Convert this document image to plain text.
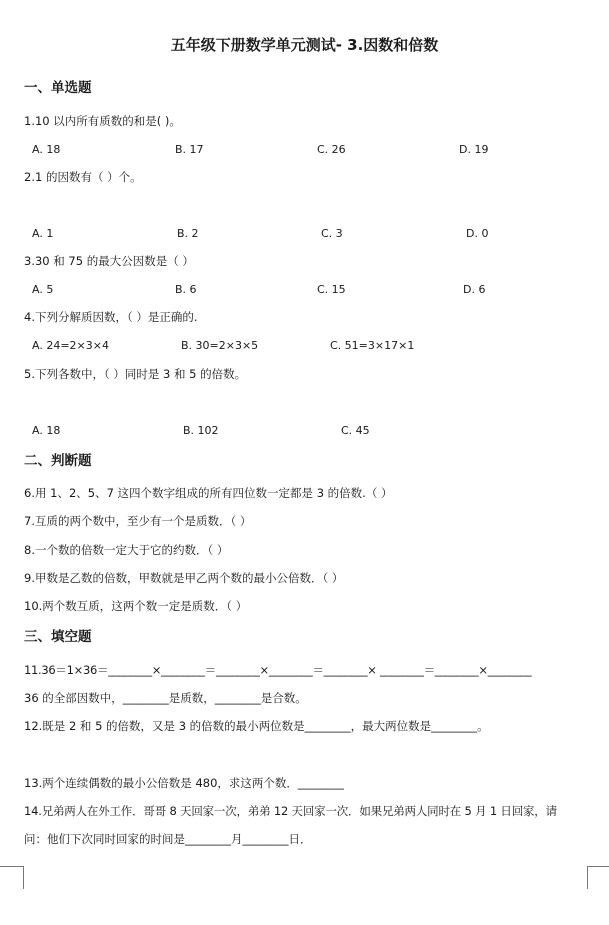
五年级下册数学单元测试- 3.因数和倍数
一、单选题
1.10 以内所有质数的和是( )。
A. 18	B. 17	C. 26	D. 19
2.1 的因数有（ ）个。
A. 1	B. 2	C. 3	D. 0
3.30 和 75 的最大公因数是（ ）
A. 5	B. 6	C. 15	D. 6
4.下列分解质因数，（ ）是正确的.
A. 24=2×3×4	B. 30=2×3×5	C. 51=3×17×1
5.下列各数中，（ ）同时是 3 和 5 的倍数。
A. 18	B. 102	C. 45
二、判断题
6.用 1、2、5、7 这四个数字组成的所有四位数一定都是 3 的倍数.（ ）
7.互质的两个数中，至少有一个是质数．（ ）
8.一个数的倍数一定大于它的约数．（ ）
9.甲数是乙数的倍数，甲数就是甲乙两个数的最小公倍数．（ ）
10.两个数互质，这两个数一定是质数．（ ）
三、填空题
11.36＝1×36＝________×________＝________×________＝________× ________＝________×________
36 的全部因数中，________是质数，________是合数。
12.既是 2 和 5 的倍数，又是 3 的倍数的最小两位数是________，最大两位数是________。
13.两个连续偶数的最小公倍数是 480，求这两个数．________
14.兄弟两人在外工作．哥哥 8 天回家一次，弟弟 12 天回家一次．如果兄弟两人同时在 5 月 1 日回家，请
问：他们下次同时回家的时间是________月________日．
